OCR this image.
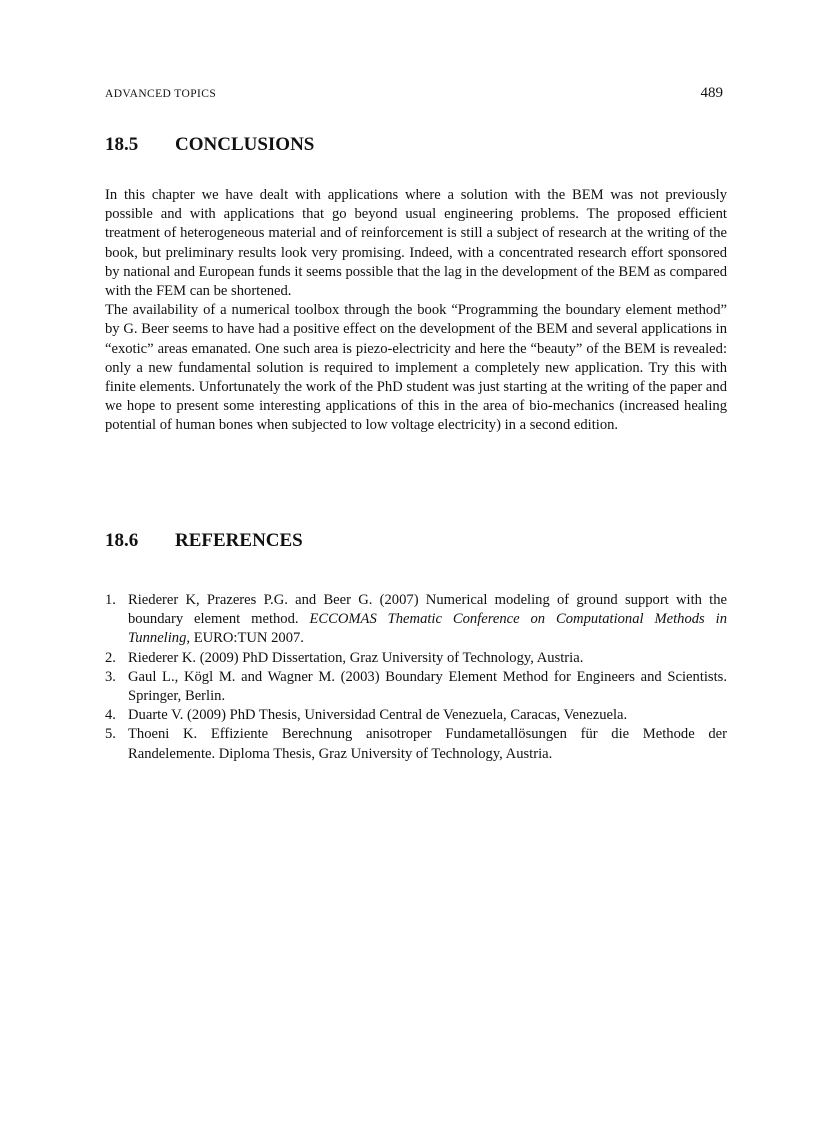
ADVANCED TOPICS	489
18.5 CONCLUSIONS

In this chapter we have dealt with applications where a solution with the BEM was not previously possible and with applications that go beyond usual engineering problems. The proposed efficient treatment of heterogeneous material and of reinforcement is still a subject of research at the writing of the book, but preliminary results look very promising. Indeed, with a concentrated research effort sponsored by national and European funds it seems possible that the lag in the development of the BEM as compared with the FEM can be shortened.

The availability of a numerical toolbox through the book “Programming the boundary element method” by G. Beer seems to have had a positive effect on the development of the BEM and several applications in “exotic” areas emanated. One such area is piezo-electricity and here the “beauty” of the BEM is revealed: only a new fundamental solution is required to implement a completely new application. Try this with finite elements. Unfortunately the work of the PhD student was just starting at the writing of the paper and we hope to present some interesting applications of this in the area of bio-mechanics (increased healing potential of human bones when subjected to low voltage electricity) in a second edition.

18.6 REFERENCES
1. Riederer K, Prazeres P.G. and Beer G. (2007) Numerical modeling of ground support with the boundary element method. ECCOMAS Thematic Conference on Computational Methods in Tunneling, EURO:TUN 2007.
2. Riederer K. (2009) PhD Dissertation, Graz University of Technology, Austria.
3. Gaul L., Kögl M. and Wagner M. (2003) Boundary Element Method for Engineers and Scientists. Springer, Berlin.
4. Duarte V. (2009) PhD Thesis, Universidad Central de Venezuela, Caracas, Venezuela.
5. Thoeni K. Effiziente Berechnung anisotroper Fundametallösungen für die Methode der Randelemente. Diploma Thesis, Graz University of Technology, Austria.
